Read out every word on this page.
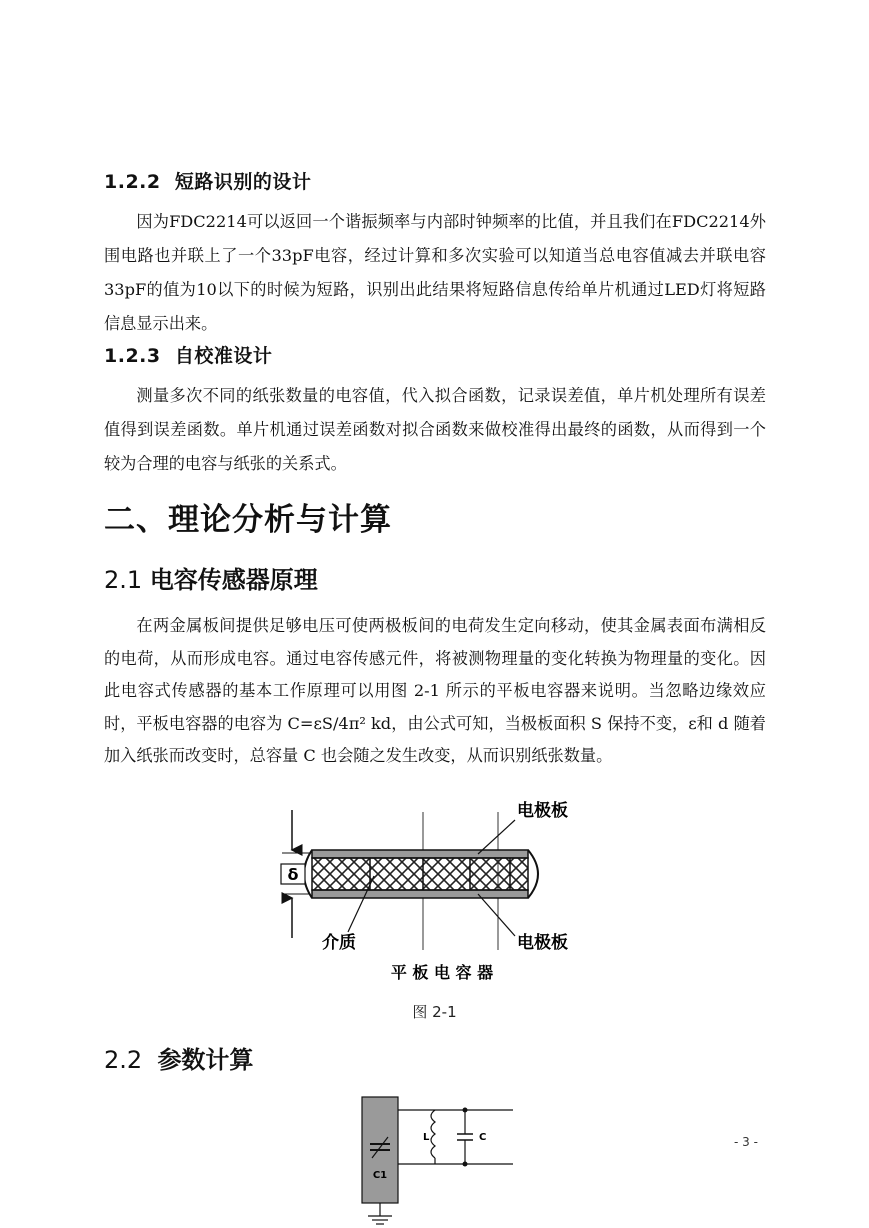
1.2.2 短路识别的设计
因为FDC2214可以返回一个谐振频率与内部时钟频率的比值，并且我们在FDC2214外围电路也并联上了一个33pF电容，经过计算和多次实验可以知道当总电容值减去并联电容33pF的值为10以下的时候为短路，识别出此结果将短路信息传给单片机通过LED灯将短路信息显示出来。
1.2.3 自校准设计
测量多次不同的纸张数量的电容值，代入拟合函数，记录误差值，单片机处理所有误差值得到误差函数。单片机通过误差函数对拟合函数来做校准得出最终的函数，从而得到一个较为合理的电容与纸张的关系式。
二、理论分析与计算
2.1 电容传感器原理
在两金属板间提供足够电压可使两极板间的电荷发生定向移动，使其金属表面布满相反的电荷，从而形成电容。通过电容传感元件，将被测物理量的变化转换为物理量的变化。因此电容式传感器的基本工作原理可以用图 2-1 所示的平板电容器来说明。当忽略边缘效应时，平板电容器的电容为 C=εS/4π² kd，由公式可知，当极板面积 S 保持不变，ε和 d 随着加入纸张而改变时，总容量 C 也会随之发生改变，从而识别纸张数量。
δ
电极板
电极板
介质
平 板 电 容 器
图 2-1
2.2 参数计算
C1
L	C	- 3 -
